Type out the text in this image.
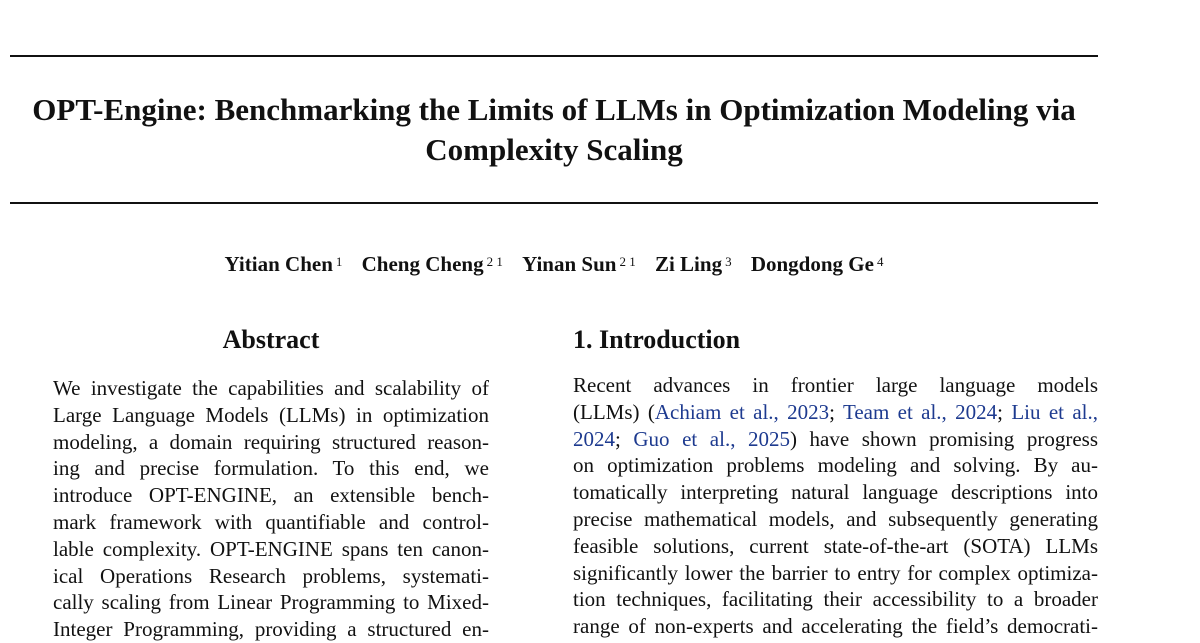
OPT-Engine: Benchmarking the Limits of LLMs in Optimization Modeling via
Complexity Scaling
Yitian Chen $^1$ Cheng Cheng $^{2 1}$ Yinan Sun $^{2 1}$ Zi Ling $^3$ Dongdong Ge $^4$
Abstract
We investigate the capabilities and scalability of
Large Language Models (LLMs) in optimization
modeling, a domain requiring structured reason-
ing and precise formulation. To this end, we
introduce OPT-ENGINE, an extensible bench-
mark framework with quantifiable and control-
lable complexity. OPT-ENGINE spans ten canon-
ical Operations Research problems, systemati-
cally scaling from Linear Programming to Mixed-
Integer Programming, providing a structured en-
1. Introduction
Recent advances in frontier large language models
(LLMs) (Achiam et al., 2023; Team et al., 2024; Liu et al.,
2024; Guo et al., 2025) have shown promising progress
on optimization problems modeling and solving. By au-
tomatically interpreting natural language descriptions into
precise mathematical models, and subsequently generating
feasible solutions, current state-of-the-art (SOTA) LLMs
significantly lower the barrier to entry for complex optimiza-
tion techniques, facilitating their accessibility to a broader
range of non-experts and accelerating the field’s democrati-
